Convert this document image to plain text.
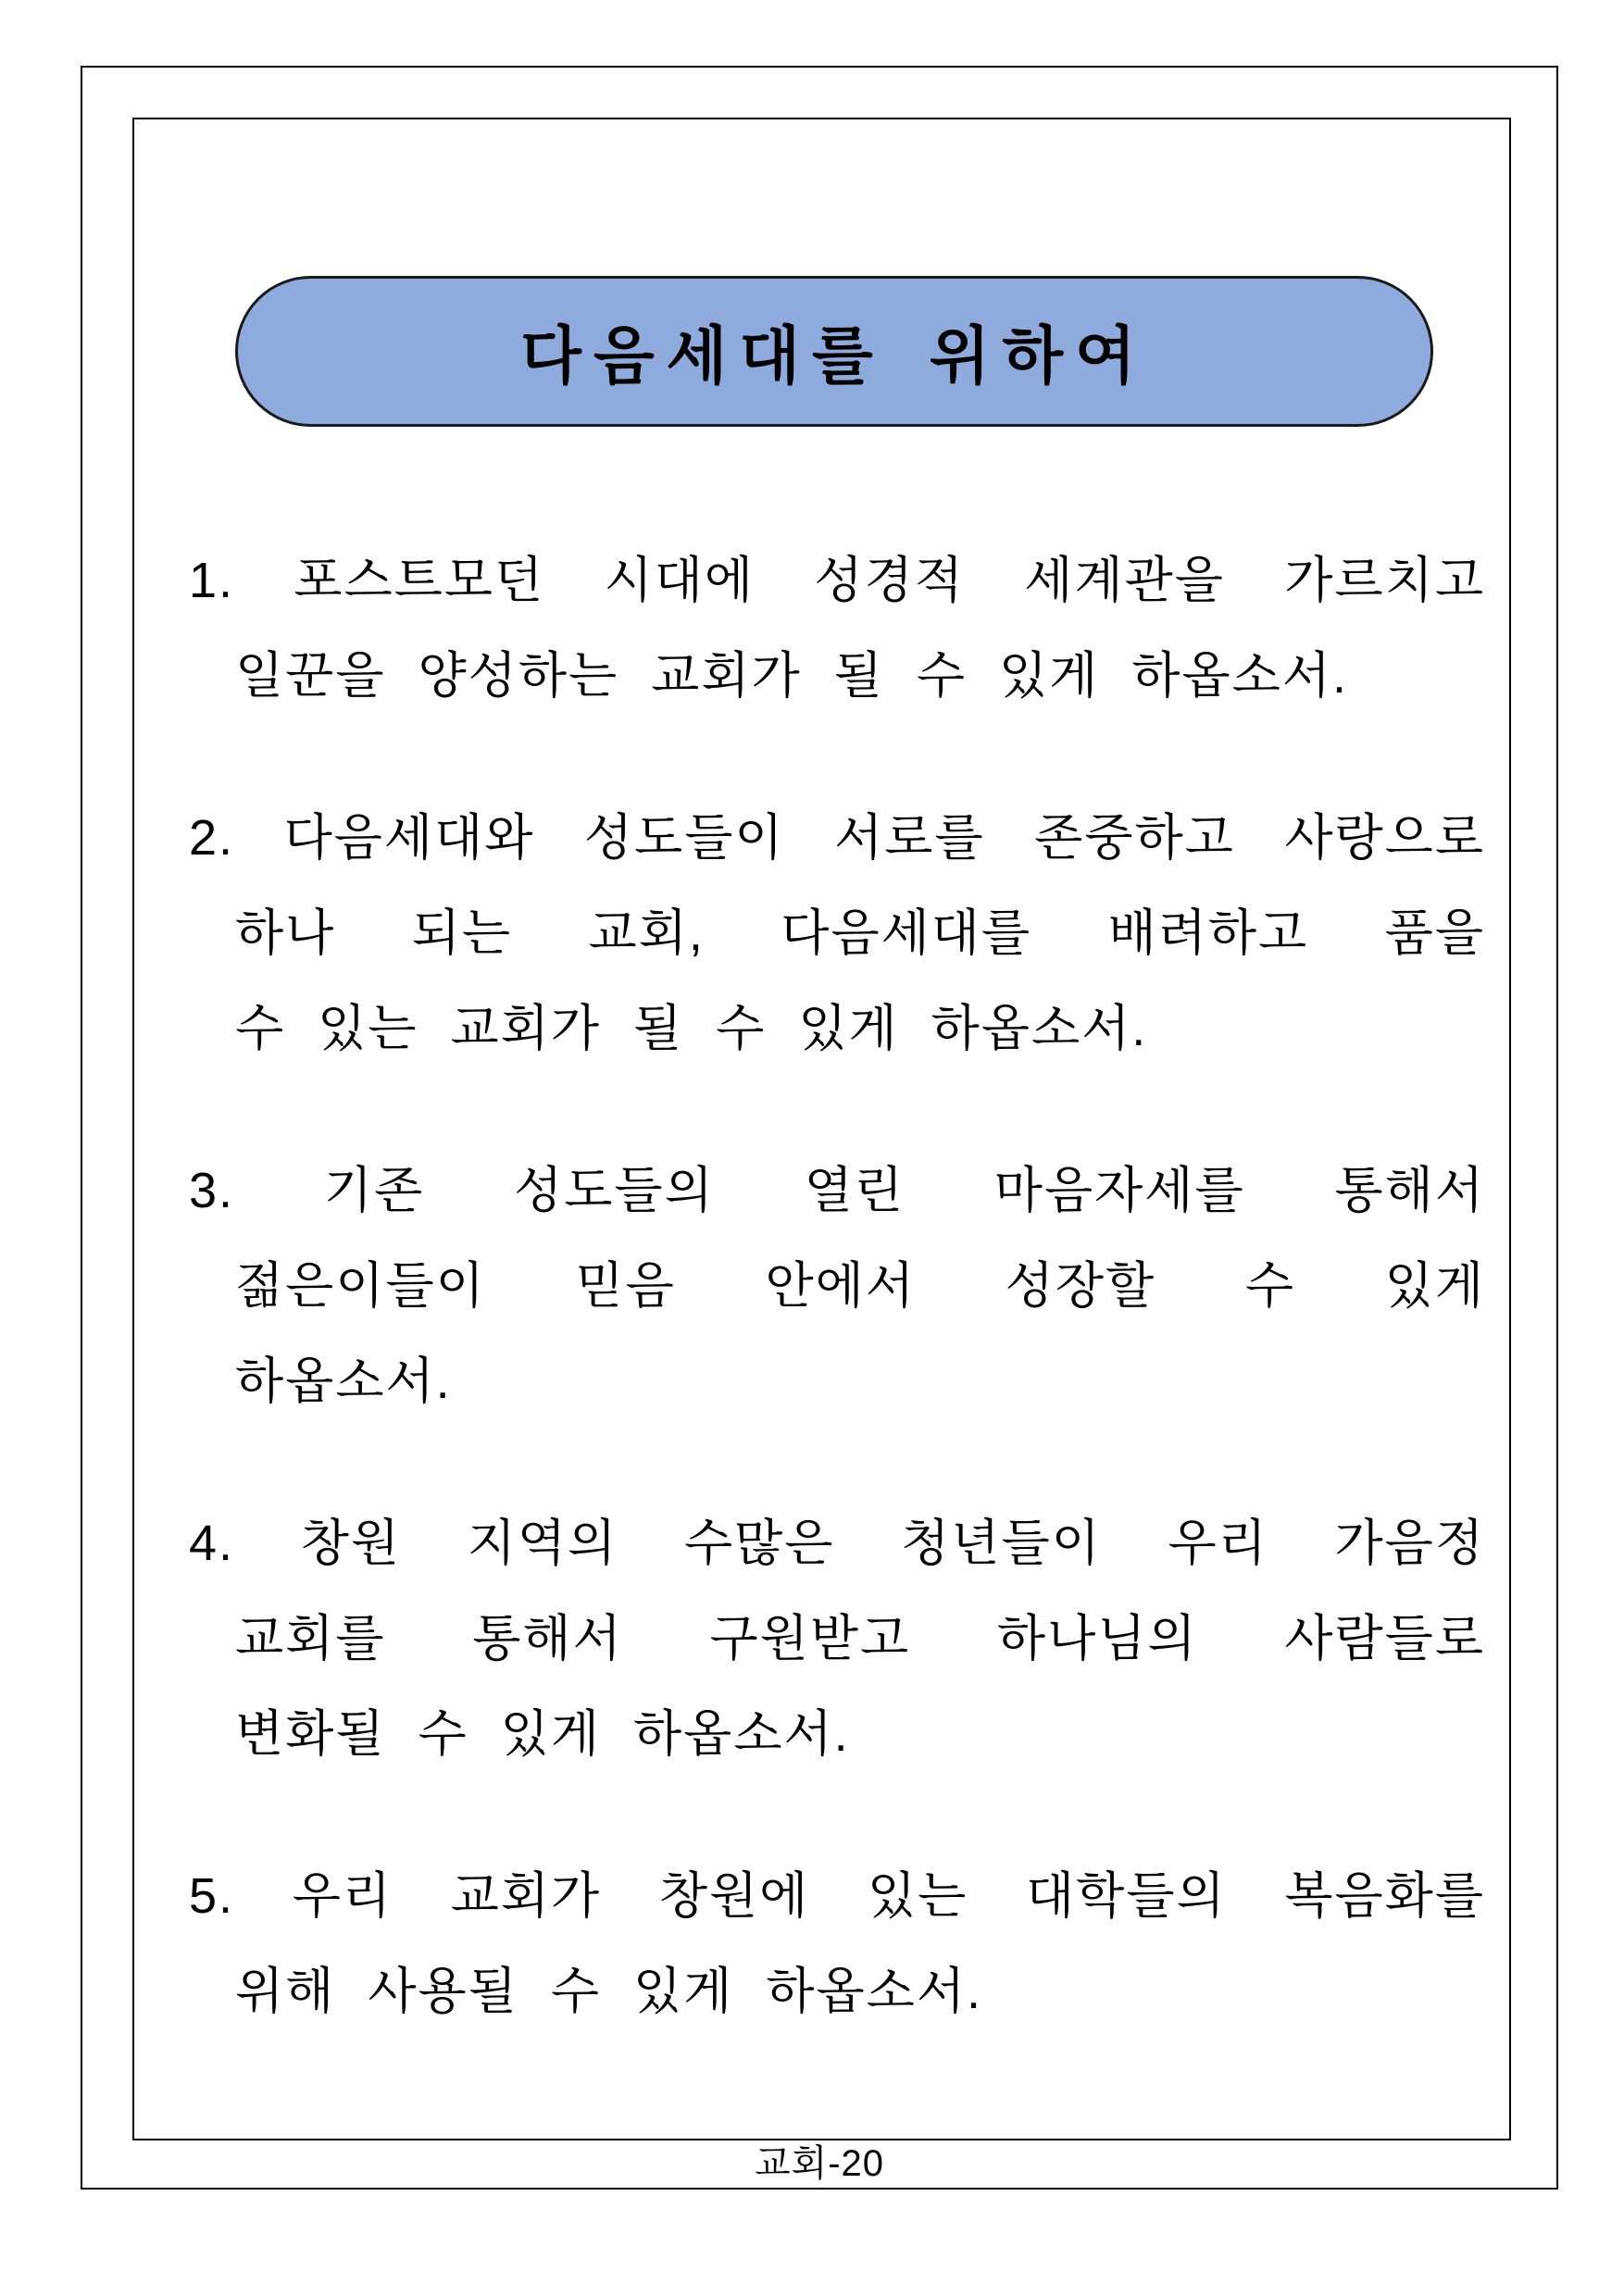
다음세대를 위하여
1. 포스트모던 시대에 성경적 세계관을 가르치고
일꾼을 양성하는 교회가 될 수 있게 하옵소서.
2. 다음세대와 성도들이 서로를 존중하고 사랑으로
하나 되는 교회, 다음세대를 배려하고 품을
수 있는 교회가 될 수 있게 하옵소서.
3. 기존 성도들의 열린 마음자세를 통해서
젊은이들이 믿음 안에서 성장할 수 있게
하옵소서.
4. 창원 지역의 수많은 청년들이 우리 가음정
교회를 통해서 구원받고 하나님의 사람들로
변화될 수 있게 하옵소서.
5. 우리 교회가 창원에 있는 대학들의 복음화를
위해 사용될 수 있게 하옵소서.
교회-20
